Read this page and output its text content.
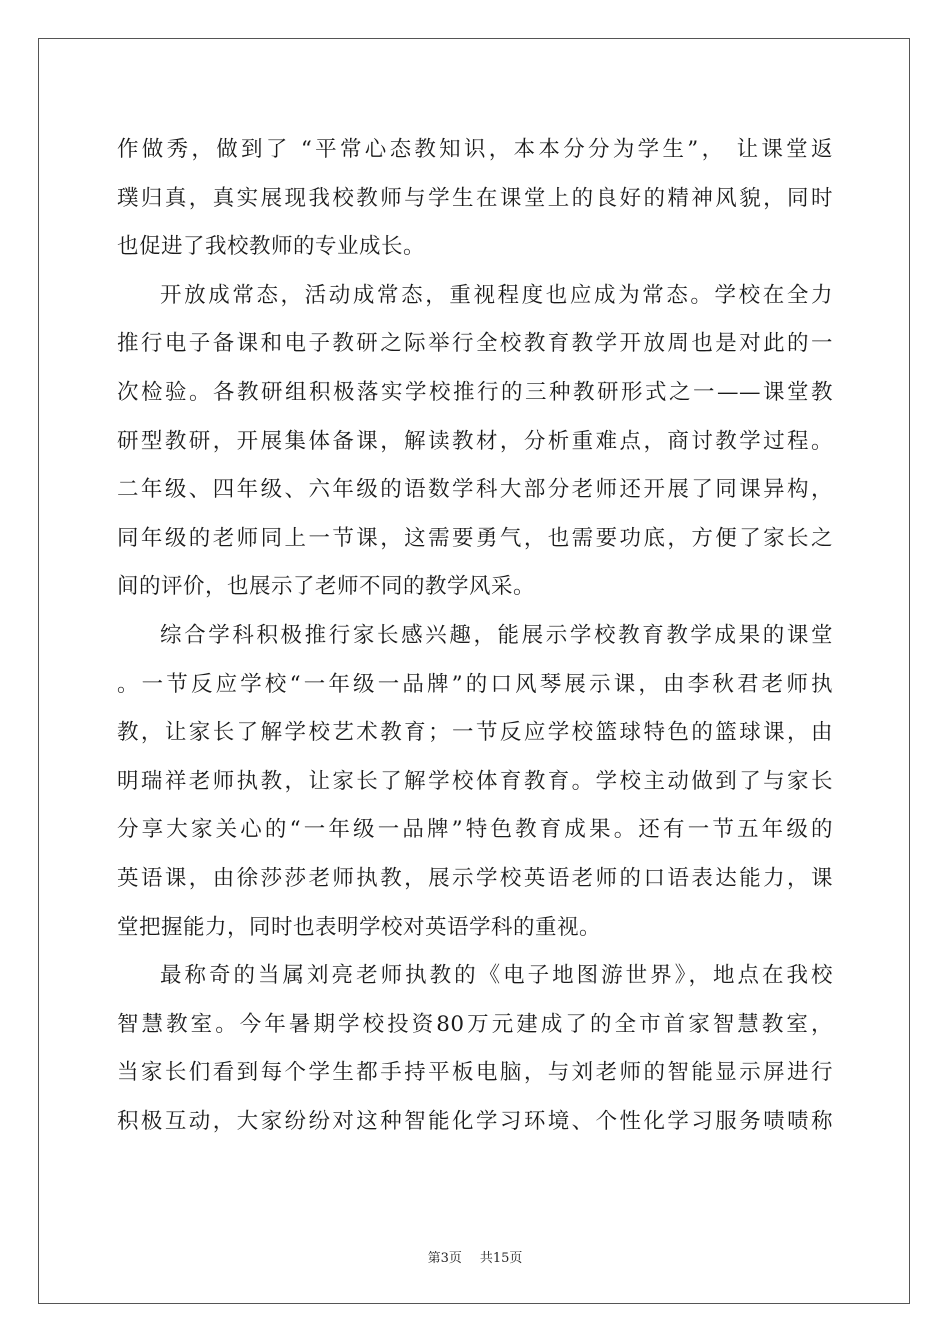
作做秀，做到了 “平常心态教知识，本本分分为学生”， 让课堂返
璞归真，真实展现我校教师与学生在课堂上的良好的精神风貌，同时
也促进了我校教师的专业成长。
开放成常态，活动成常态，重视程度也应成为常态。学校在全力
推行电子备课和电子教研之际举行全校教育教学开放周也是对此的一
次检验。各教研组积极落实学校推行的三种教研形式之一——课堂教
研型教研，开展集体备课，解读教材，分析重难点，商讨教学过程。
二年级、四年级、六年级的语数学科大部分老师还开展了同课异构，
同年级的老师同上一节课，这需要勇气，也需要功底，方便了家长之
间的评价，也展示了老师不同的教学风采。
综合学科积极推行家长感兴趣，能展示学校教育教学成果的课堂
。一节反应学校“一年级一品牌”的口风琴展示课，由李秋君老师执
教，让家长了解学校艺术教育；一节反应学校篮球特色的篮球课，由
明瑞祥老师执教，让家长了解学校体育教育。学校主动做到了与家长
分享大家关心的“一年级一品牌”特色教育成果。还有一节五年级的
英语课，由徐莎莎老师执教，展示学校英语老师的口语表达能力，课
堂把握能力，同时也表明学校对英语学科的重视。
最称奇的当属刘亮老师执教的《电子地图游世界》，地点在我校
智慧教室。今年暑期学校投资80万元建成了的全市首家智慧教室，
当家长们看到每个学生都手持平板电脑，与刘老师的智能显示屏进行
积极互动，大家纷纷对这种智能化学习环境、个性化学习服务啧啧称
第3页 共15页
